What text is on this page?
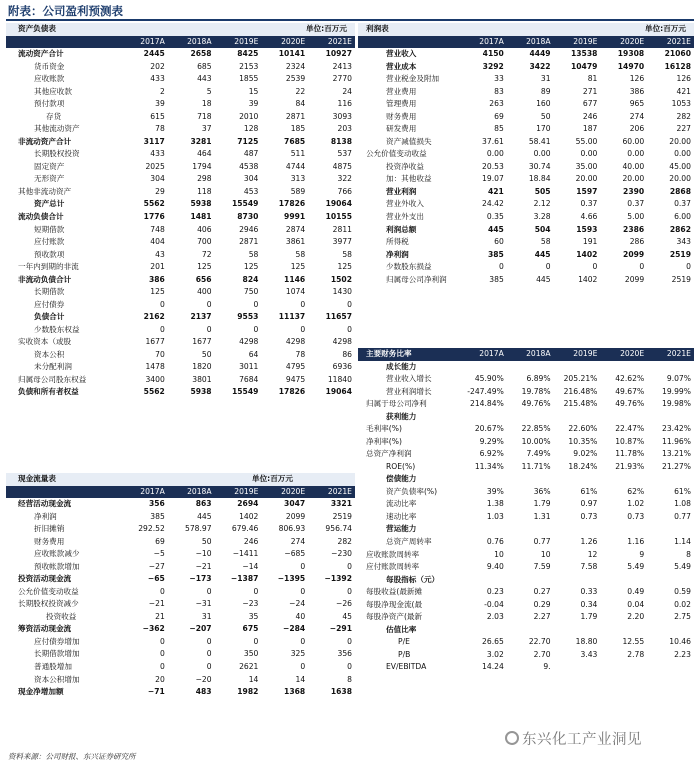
附表：公司盈利预测表
资产负债表	单位:百万元
2017A	2018A	2019E	2020E	2021E
流动资产合计	2445	2658	8425	10141	10927
货币资金	202	685	2153	2324	2413
应收账款	433	443	1855	2539	2770
其他应收款	2	5	15	22	24
预付款项	39	18	39	84	116
存货	615	718	2010	2871	3093
其他流动资产	78	37	128	185	203
非流动资产合计	3117	3281	7125	7685	8138
长期股权投资	433	464	487	511	537
固定资产	2025	1794	4538	4744	4875
无形资产	304	298	304	313	322
其他非流动资产	29	118	453	589	766
资产总计	5562	5938	15549	17826	19064
流动负债合计	1776	1481	8730	9991	10155
短期借款	748	406	2946	2874	2811
应付账款	404	700	2871	3861	3977
预收款项	43	72	58	58	58
一年内到期的非流	201	125	125	125	125
非流动负债合计	386	656	824	1146	1502
长期借款	125	400	750	1074	1430
应付债券	0	0	0	0	0
负债合计	2162	2137	9553	11137	11657
少数股东权益	0	0	0	0	0
实收资本（或股	1677	1677	4298	4298	4298
资本公积	70	50	64	78	86
未分配利润	1478	1820	3011	4795	6936
归属母公司股东权益	3400	3801	7684	9475	11840
负债和所有者权益	5562	5938	15549	17826	19064
利润表	单位:百万元
2017A	2018A	2019E	2020E	2021E
营业收入	4150	4449	13538	19308	21060
营业成本	3292	3422	10479	14970	16128
营业税金及附加	33	31	81	126	126
营业费用	83	89	271	386	421
管理费用	263	160	677	965	1053
财务费用	69	50	246	274	282
研发费用	85	170	187	206	227
资产减值损失	37.61	58.41	55.00	60.00	20.00
公允价值变动收益	0.00	0.00	0.00	0.00	0.00
投资净收益	20.53	30.74	35.00	40.00	45.00
加：其他收益	19.07	18.84	20.00	20.00	20.00
营业利润	421	505	1597	2390	2868
营业外收入	24.42	2.12	0.37	0.37	0.37
营业外支出	0.35	3.28	4.66	5.00	6.00
利润总额	445	504	1593	2386	2862
所得税	60	58	191	286	343
净利润	385	445	1402	2099	2519
少数股东损益	0	0	0	0	0
归属母公司净利润	385	445	1402	2099	2519
主要财务比率	2017A	2018A	2019E	2020E	2021E
成长能力
营业收入增长	45.90%	6.89%	205.21%	42.62%	9.07%
营业利润增长	-247.49%	19.78%	216.48%	49.67%	19.99%
归属于母公司净利	214.84%	49.76%	215.48%	49.76%	19.98%
获利能力
毛利率(%)	20.67%	22.85%	22.60%	22.47%	23.42%
净利率(%)	9.29%	10.00%	10.35%	10.87%	11.96%
总资产净利润	6.92%	7.49%	9.02%	11.78%	13.21%
ROE(%)	11.34%	11.71%	18.24%	21.93%	21.27%
偿债能力
资产负债率(%)	39%	36%	61%	62%	61%
流动比率	1.38	1.79	0.97	1.02	1.08
速动比率	1.03	1.31	0.73	0.73	0.77
营运能力
总资产周转率	0.76	0.77	1.26	1.16	1.14
应收账款周转率	10	10	12	9	8
应付账款周转率	9.40	7.59	7.58	5.49	5.49
每股指标（元）
每股收益(最新摊	0.23	0.27	0.33	0.49	0.59
每股净现金流(最	-0.04	0.29	0.34	0.04	0.02
每股净资产(最新	2.03	2.27	1.79	2.20	2.75
估值比率
P/E	26.65	22.70	18.80	12.55	10.46
P/B	3.02	2.70	3.43	2.78	2.23
EV/EBITDA	14.24	9.
现金流量表	单位:百万元
2017A	2018A	2019E	2020E	2021E
经营活动现金流	356	863	2694	3047	3321
净利润	385	445	1402	2099	2519
折旧摊销	292.52	578.97	679.46	806.93	956.74
财务费用	69	50	246	274	282
应收账款减少	−5	−10	−1411	−685	−230
预收帐款增加	−27	−21	−14	0	0
投资活动现金流	−65	−173	−1387	−1395	−1392
公允价值变动收益	0	0	0	0	0
长期股权投资减少	−21	−31	−23	−24	−26
投资收益	21	31	35	40	45
筹资活动现金流	−362	−207	675	−284	−291
应付债券增加	0	0	0	0	0
长期借款增加	0	0	350	325	356
普通股增加	0	0	2621	0	0
资本公积增加	20	−20	14	14	8
现金净增加额	−71	483	1982	1368	1638
资料来源：公司财报、东兴证券研究所
东兴化工产业洞见
